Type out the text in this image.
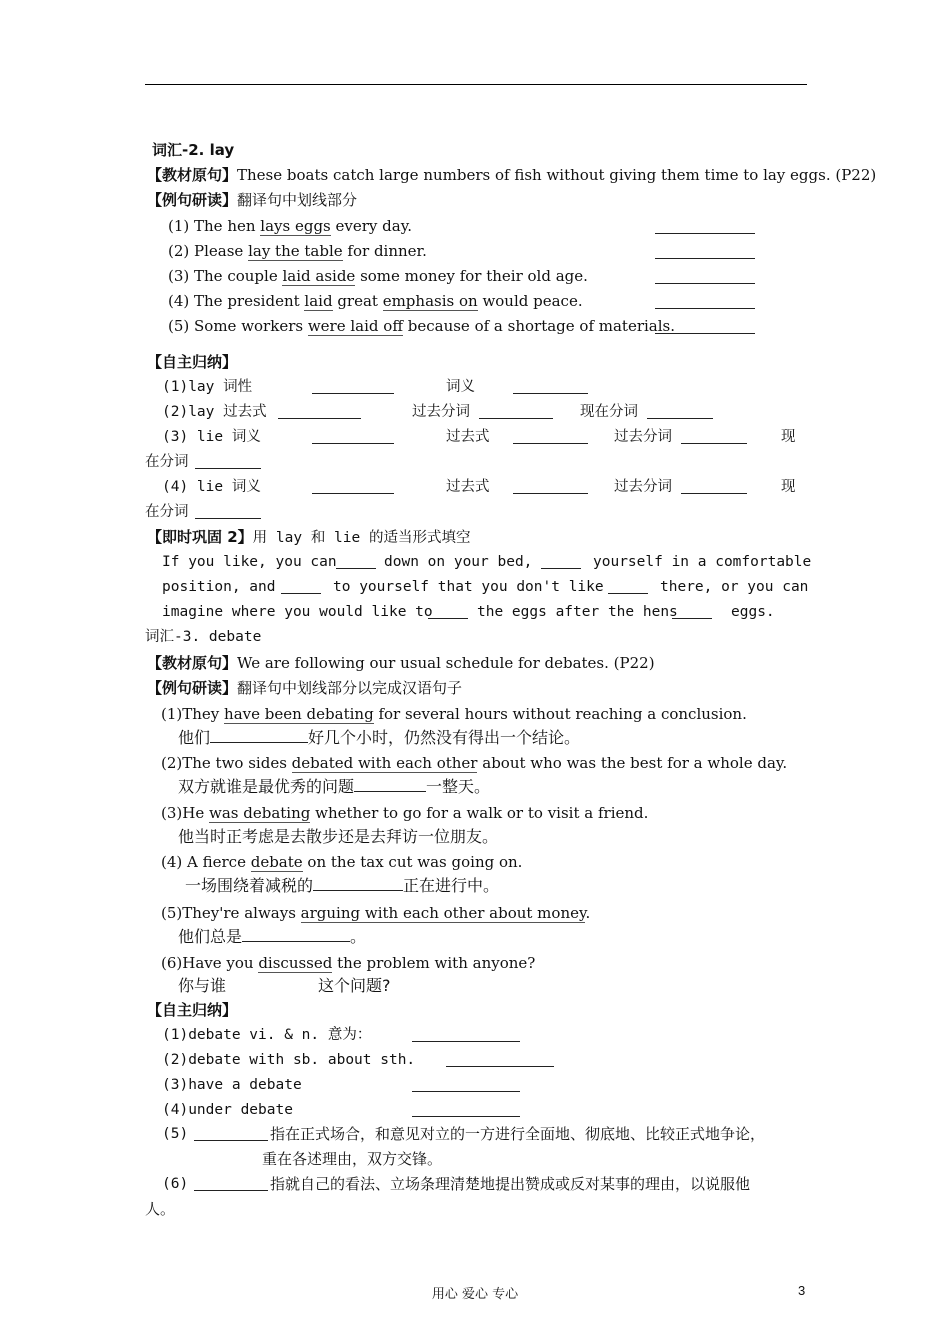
词汇-2. lay
【教材原句】These boats catch large numbers of fish without giving them time to lay eggs. (P22)
【例句研读】翻译句中划线部分
(1) The hen lays eggs every day.
(2) Please lay the table for dinner.
(3) The couple laid aside some money for their old age.
(4) The president laid great emphasis on would peace.
(5) Some workers were laid off because of a shortage of materials.
【自主归纳】
(1)lay 词性	词义
(2)lay 过去式	过去分词	现在分词
(3) lie 词义	过去式	过去分词	现
在分词
(4) lie 词义	过去式	过去分词	现
在分词
【即时巩固 2】用 lay 和 lie 的适当形式填空
If you like, you can	down on your bed,	yourself in a comfortable
position, and	to yourself that you don't like	there, or you can
imagine where you would like to	the eggs after the hens	eggs.
词汇-3. debate
【教材原句】We are following our usual schedule for debates. (P22)
【例句研读】翻译句中划线部分以完成汉语句子
(1)They have been debating for several hours without reaching a conclusion.
他们	好几个小时，仍然没有得出一个结论。
(2)The two sides debated with each other about who was the best for a whole day.
双方就谁是最优秀的问题	一整天。
(3)He was debating whether to go for a walk or to visit a friend.
他当时正考虑是去散步还是去拜访一位朋友。
(4) A fierce debate on the tax cut was going on.
一场围绕着减税的	正在进行中。
(5)They're always arguing with each other about money.
他们总是	。
(6)Have you discussed the problem with anyone?
你与谁	这个问题?
【自主归纳】
(1)debate vi. & n. 意为：
(2)debate with sb. about sth.
(3)have a debate
(4)under debate
(5)	指在正式场合，和意见对立的一方进行全面地、彻底地、比较正式地争论，
重在各述理由，双方交锋。
(6)	指就自己的看法、立场条理清楚地提出赞成或反对某事的理由，以说服他
人。
用心 爱心 专心	3
